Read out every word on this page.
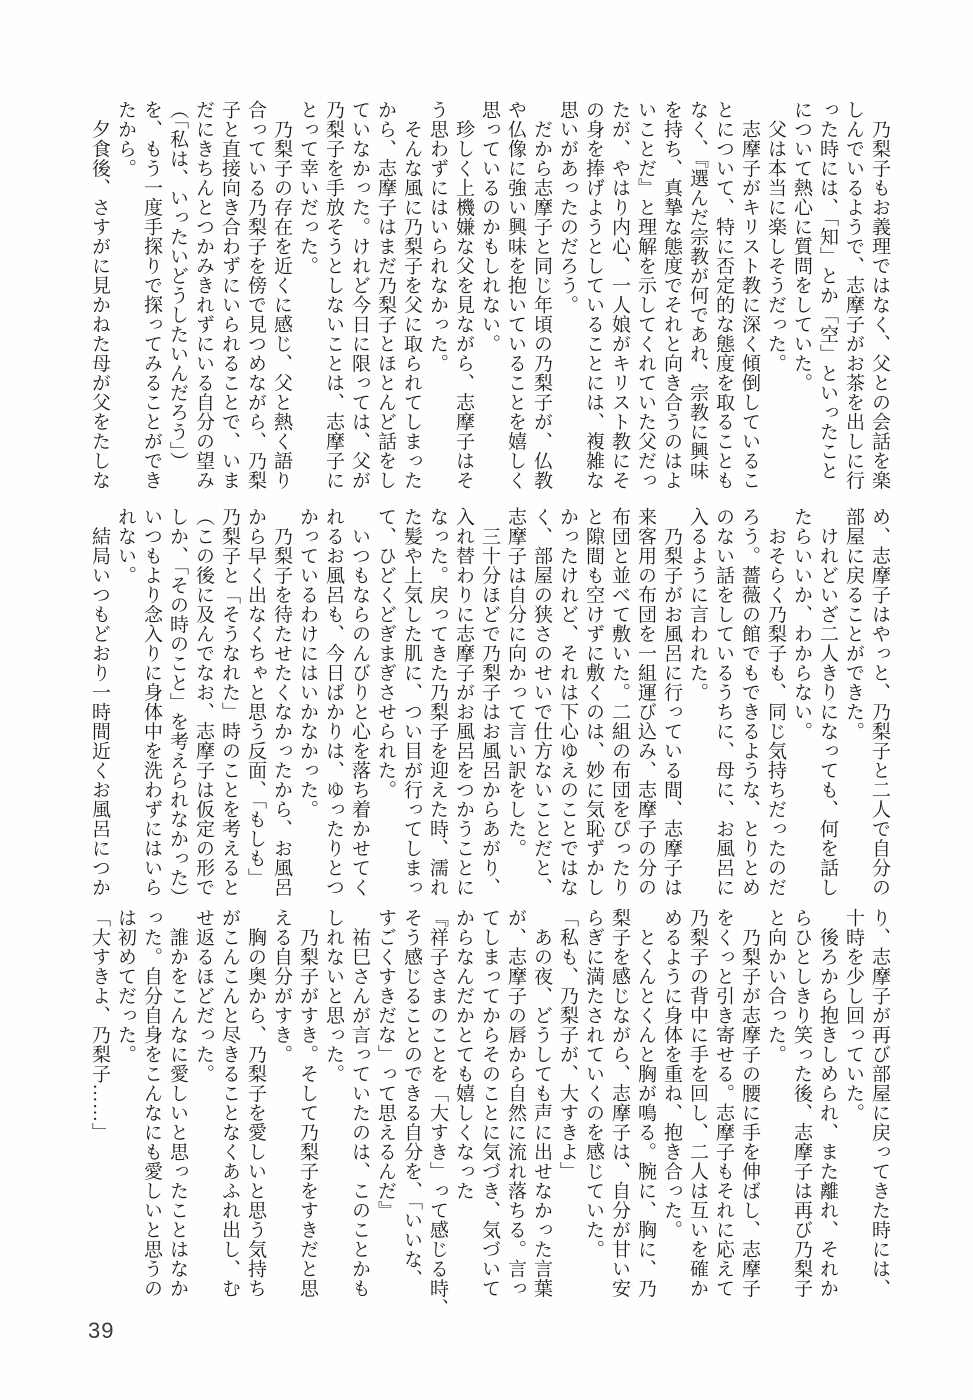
　乃梨子もお義理ではなく、父との会話を楽
しんでいるようで、志摩子がお茶を出しに行
った時には、「知」とか「空」といったこと
について熱心に質問をしていた。
　父は本当に楽しそうだった。
　志摩子がキリスト教に深く傾倒しているこ
とについて、特に否定的な態度を取ることも
なく、『選んだ宗教が何であれ、宗教に興味
を持ち、真摯な態度でそれと向き合うのはよ
いことだ』と理解を示してくれていた父だっ
たが、やはり内心、一人娘がキリスト教にそ
の身を捧げようとしていることには、複雑な
思いがあったのだろう。
　だから志摩子と同じ年頃の乃梨子が、仏教
や仏像に強い興味を抱いていることを嬉しく
思っているのかもしれない。
　珍しく上機嫌な父を見ながら、志摩子はそ
う思わずにはいられなかった。
　そんな風に乃梨子を父に取られてしまった
から、志摩子はまだ乃梨子とほとんど話をし
ていなかった。けれど今日に限っては、父が
乃梨子を手放そうとしないことは、志摩子に
とって幸いだった。
　乃梨子の存在を近くに感じ、父と熱く語り
合っている乃梨子を傍で見つめながら、乃梨
子と直接向き合わずにいられることで、いま
だにきちんとつかみきれずにいる自分の望み
（「私は、いったいどうしたいんだろう」）
を、もう一度手探りで探ってみることができ
たから。
　夕食後、さすがに見かねた母が父をたしな
め、志摩子はやっと、乃梨子と二人で自分の
部屋に戻ることができた。
　けれどいざ二人きりになっても、何を話し
たらいいか、わからない。
　おそらく乃梨子も、同じ気持ちだったのだ
ろう。薔薇の館でもできるような、とりとめ
のない話をしているうちに、母に、お風呂に
入るように言われた。
　乃梨子がお風呂に行っている間、志摩子は
来客用の布団を一組運び込み、志摩子の分の
布団と並べて敷いた。二組の布団をぴったり
と隙間も空けずに敷くのは、妙に気恥ずかし
かったけれど、それは下心ゆえのことではな
く、部屋の狭さのせいで仕方ないことだと、
志摩子は自分に向かって言い訳をした。
　三十分ほどで乃梨子はお風呂からあがり、
入れ替わりに志摩子がお風呂をつかうことに
なった。戻ってきた乃梨子を迎えた時、濡れ
た髪や上気した肌に、つい目が行ってしまっ
て、ひどくどぎまぎさせられた。
　いつもならのんびりと心を落ち着かせてく
れるお風呂も、今日ばかりは、ゆったりとつ
かっているわけにはいかなかった。
　乃梨子を待たせたくなかったから、お風呂
から早く出なくちゃと思う反面、「もしも」
乃梨子と「そうなれた」時のことを考えると
（この後に及んでなお、志摩子は仮定の形で
しか、「その時のこと」を考えられなかった）
いつもより念入りに身体中を洗わずにはいら
れない。
　結局いつもどおり一時間近くお風呂につか
り、志摩子が再び部屋に戻ってきた時には、
十時を少し回っていた。
　後ろから抱きしめられ、また離れ、それか
らひとしきり笑った後、志摩子は再び乃梨子
と向かい合った。
　乃梨子が志摩子の腰に手を伸ばし、志摩子
をくっと引き寄せる。志摩子もそれに応えて
乃梨子の背中に手を回し、二人は互いを確か
めるように身体を重ね、抱き合った。
　とくんとくんと胸が鳴る。腕に、胸に、乃
梨子を感じながら、志摩子は、自分が甘い安
らぎに満たされていくのを感じていた。
「私も、乃梨子が、大すきよ」
　あの夜、どうしても声に出せなかった言葉
が、志摩子の唇から自然に流れ落ちる。言っ
てしまってからそのことに気づき、気づいて
からなんだかとても嬉しくなった
『祥子さまのことを「大すき」って感じる時、
そう感じることのできる自分を、「いいな、
すごくすきだな」って思えるんだ』
　祐巳さんが言っていたのは、このことかも
しれないと思った。
　乃梨子がすき。そして乃梨子をすきだと思
える自分がすき。
　胸の奥から、乃梨子を愛しいと思う気持ち
がこんこんと尽きることなくあふれ出し、む
せ返るほどだった。
　誰かをこんなに愛しいと思ったことはなか
った。自分自身をこんなにも愛しいと思うの
は初めてだった。
「大すきよ、乃梨子……」
39
